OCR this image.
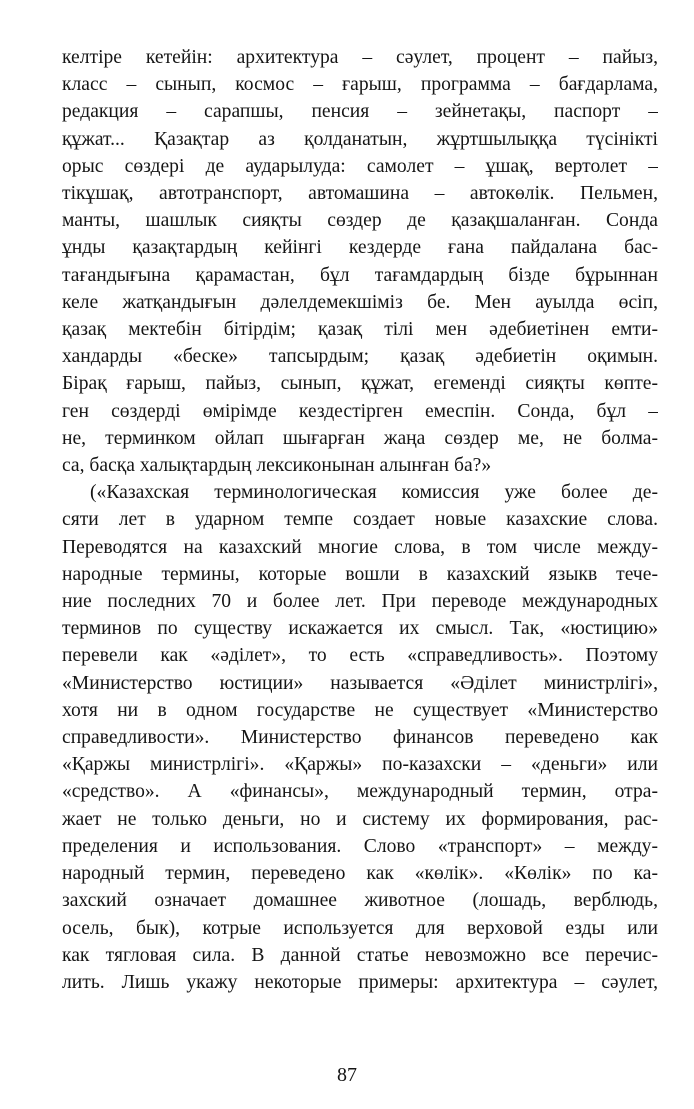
келтіре кетейін: архитектура – сәулет, процент – пайыз,
класс – сынып, космос – ғарыш, программа – бағдарлама,
редакция – сарапшы, пенсия – зейнетақы, паспорт –
құжат... Қазақтар аз қолданатын, жұртшылыққа түсінікті
орыс сөздері де аударылуда: самолет – ұшақ, вертолет –
тікұшақ, автотранспорт, автомашина – автокөлік. Пельмен,
манты, шашлык сияқты сөздер де қазақшаланған. Сонда
ұнды қазақтардың кейінгі кездерде ғана пайдалана бас-
тағандығына қарамастан, бұл тағамдардың бізде бұрыннан
келе жатқандығын дәлелдемекшіміз бе. Мен ауылда өсіп,
қазақ мектебін бітірдім; қазақ тілі мен әдебиетінен емти-
хандарды «беске» тапсырдым; қазақ әдебиетін оқимын.
Бірақ ғарыш, пайыз, сынып, құжат, егеменді сияқты көпте-
ген сөздерді өмірімде кездестірген емеспін. Сонда, бұл –
не, терминком ойлап шығарған жаңа сөздер ме, не болма-
са, басқа халықтардың лексиконынан алынған ба?»
(«Казахская терминологическая комиссия уже более де-
сяти лет в ударном темпе создает новые казахские слова.
Переводятся на казахский многие слова, в том числе между-
народные термины, которые вошли в казахский языкв тече-
ние последних 70 и более лет. При переводе международных
терминов по существу искажается их смысл. Так, «юстицию»
перевели как «әділет», то есть «справедливость». Поэтому
«Министерство юстиции» называется «Әділет министрлігі»,
хотя ни в одном государстве не существует «Министерство
справедливости». Министерство финансов переведено как
«Қаржы министрлігі». «Қаржы» по-казахски – «деньги» или
«средство». А «финансы», международный термин, отра-
жает не только деньги, но и систему их формирования, рас-
пределения и использования. Слово «транспорт» – между-
народный термин, переведено как «көлік». «Көлік» по ка-
захский означает домашнее животное (лошадь, верблюдь,
осель, бык), котрые используется для верховой езды или
как тягловая сила. В данной статье невозможно все перечис-
лить. Лишь укажу некоторые примеры: архитектура – сәулет,
87
